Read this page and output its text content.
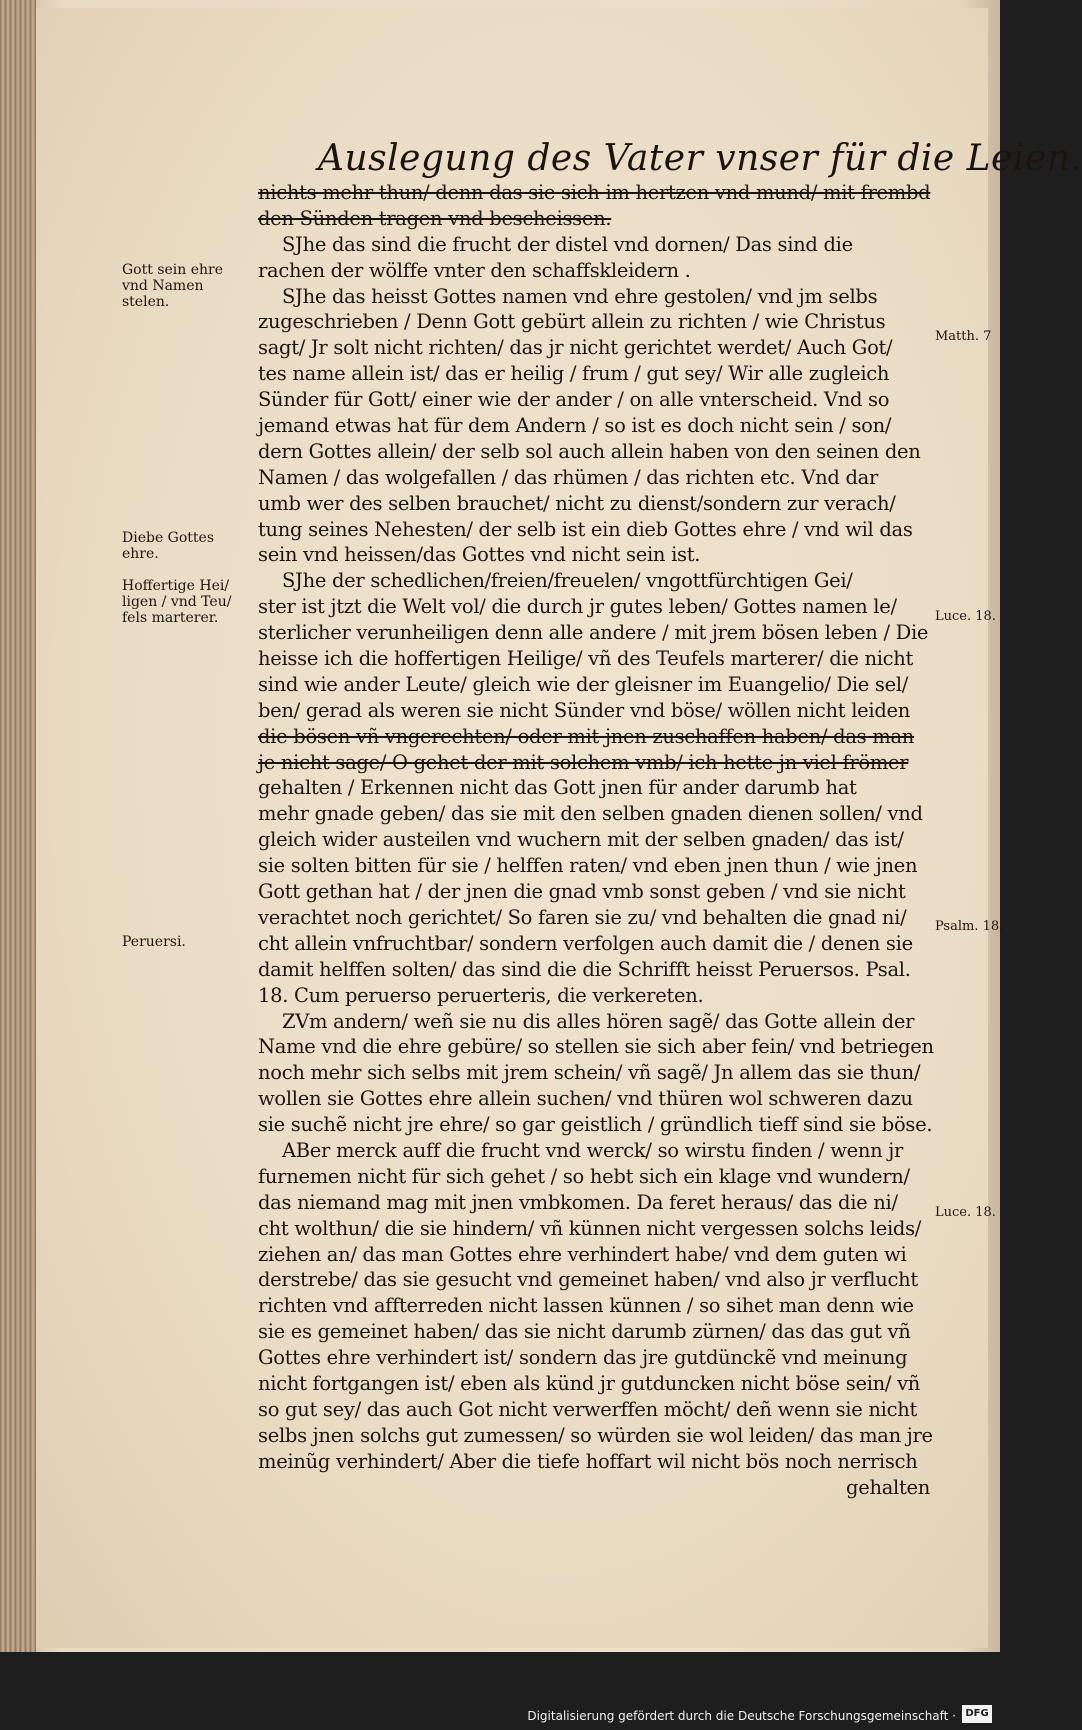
Auslegung des Vater vnser für die Leien.
nichts mehr thun/ denn das sie sich im hertzen vnd mund/ mit frembd
den Sünden tragen vnd bescheissen.
SJhe das sind die frucht der distel vnd dornen/ Das sind die
rachen der wölffe vnter den schaffskleidern .
SJhe das heisst Gottes namen vnd ehre gestolen/ vnd jm selbs
zugeschrieben / Denn Gott gebürt allein zu richten / wie Christus
sagt/ Jr solt nicht richten/ das jr nicht gerichtet werdet/ Auch Got/
tes name allein ist/ das er heilig / frum / gut sey/ Wir alle zugleich
Sünder für Gott/ einer wie der ander / on alle vnterscheid. Vnd so
jemand etwas hat für dem Andern / so ist es doch nicht sein / son/
dern Gottes allein/ der selb sol auch allein haben von den seinen den
Namen / das wolgefallen / das rhümen / das richten etc. Vnd dar
umb wer des selben brauchet/ nicht zu dienst/sondern zur verach/
tung seines Nehesten/ der selb ist ein dieb Gottes ehre / vnd wil das
sein vnd heissen/das Gottes vnd nicht sein ist.
SJhe der schedlichen/freien/freuelen/ vngottfürchtigen Gei/
ster ist jtzt die Welt vol/ die durch jr gutes leben/ Gottes namen le/
sterlicher verunheiligen denn alle andere / mit jrem bösen leben / Die
heisse ich die hoffertigen Heilige/ vñ des Teufels marterer/ die nicht
sind wie ander Leute/ gleich wie der gleisner im Euangelio/ Die sel/
ben/ gerad als weren sie nicht Sünder vnd böse/ wöllen nicht leiden
die bösen vñ vngerechten/ oder mit jnen zuschaffen haben/ das man
je nicht sage/ O gehet der mit solchem vmb/ ich hette jn viel frömer
gehalten / Erkennen nicht das Gott jnen für ander darumb hat
mehr gnade geben/ das sie mit den selben gnaden dienen sollen/ vnd
gleich wider austeilen vnd wuchern mit der selben gnaden/ das ist/
sie solten bitten für sie / helffen raten/ vnd eben jnen thun / wie jnen
Gott gethan hat / der jnen die gnad vmb sonst geben / vnd sie nicht
verachtet noch gerichtet/ So faren sie zu/ vnd behalten die gnad ni/
cht allein vnfruchtbar/ sondern verfolgen auch damit die / denen sie
damit helffen solten/ das sind die die Schrifft heisst Peruersos. Psal.
18. Cum peruerso peruerteris, die verkereten.
ZVm andern/ weñ sie nu dis alles hören sagẽ/ das Gotte allein der
Name vnd die ehre gebüre/ so stellen sie sich aber fein/ vnd betriegen
noch mehr sich selbs mit jrem schein/ vñ sagẽ/ Jn allem das sie thun/
wollen sie Gottes ehre allein suchen/ vnd thüren wol schweren dazu
sie suchẽ nicht jre ehre/ so gar geistlich / gründlich tieff sind sie böse.
ABer merck auff die frucht vnd werck/ so wirstu finden / wenn jr
furnemen nicht für sich gehet / so hebt sich ein klage vnd wundern/
das niemand mag mit jnen vmbkomen. Da feret heraus/ das die ni/
cht wolthun/ die sie hindern/ vñ künnen nicht vergessen solchs leids/
ziehen an/ das man Gottes ehre verhindert habe/ vnd dem guten wi
derstrebe/ das sie gesucht vnd gemeinet haben/ vnd also jr verflucht
richten vnd affterreden nicht lassen künnen / so sihet man denn wie
sie es gemeinet haben/ das sie nicht darumb zürnen/ das das gut vñ
Gottes ehre verhindert ist/ sondern das jre gutdünckẽ vnd meinung
nicht fortgangen ist/ eben als künd jr gutduncken nicht böse sein/ vñ
so gut sey/ das auch Got nicht verwerffen möcht/ deñ wenn sie nicht
selbs jnen solchs gut zumessen/ so würden sie wol leiden/ das man jre
meinũg verhindert/ Aber die tiefe hoffart wil nicht bös noch nerrisch
gehalten
Gott sein ehre vnd Namen stelen.
Diebe Gottes ehre.
Hoffertige Hei/ ligen / vnd Teu/ fels marterer.
Peruersi.
Matth. 7
Luce. 18.
Psalm. 18.
Luce. 18.
Digitalisierung gefördert durch die Deutsche Forschungsgemeinschaft · DFG
